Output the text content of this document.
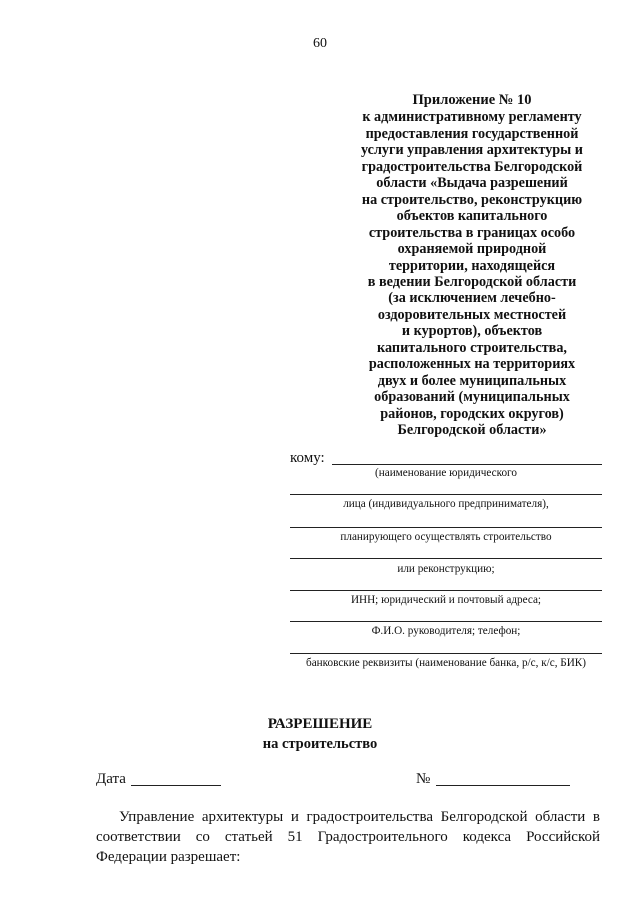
60
Приложение № 10
к административному регламенту
предоставления государственной
услуги управления архитектуры и
градостроительства Белгородской
области «Выдача разрешений
на строительство, реконструкцию
объектов капитального
строительства в границах особо
охраняемой природной
территории, находящейся
в ведении Белгородской области
(за исключением лечебно-
оздоровительных местностей
и курортов), объектов
капитального строительства,
расположенных на территориях
двух и более муниципальных
образований (муниципальных
районов, городских округов)
Белгородской области»
кому:
(наименование юридического
лица (индивидуального предпринимателя),
планирующего осуществлять строительство
или реконструкцию;
ИНН; юридический и почтовый адреса;
Ф.И.О. руководителя; телефон;
банковские реквизиты (наименование банка, р/с, к/с, БИК)
РАЗРЕШЕНИЕ
на строительство
Дата	№
Управление архитектуры и градостроительства Белгородской области в соответствии со статьей 51 Градостроительного кодекса Российской Федерации разрешает:
